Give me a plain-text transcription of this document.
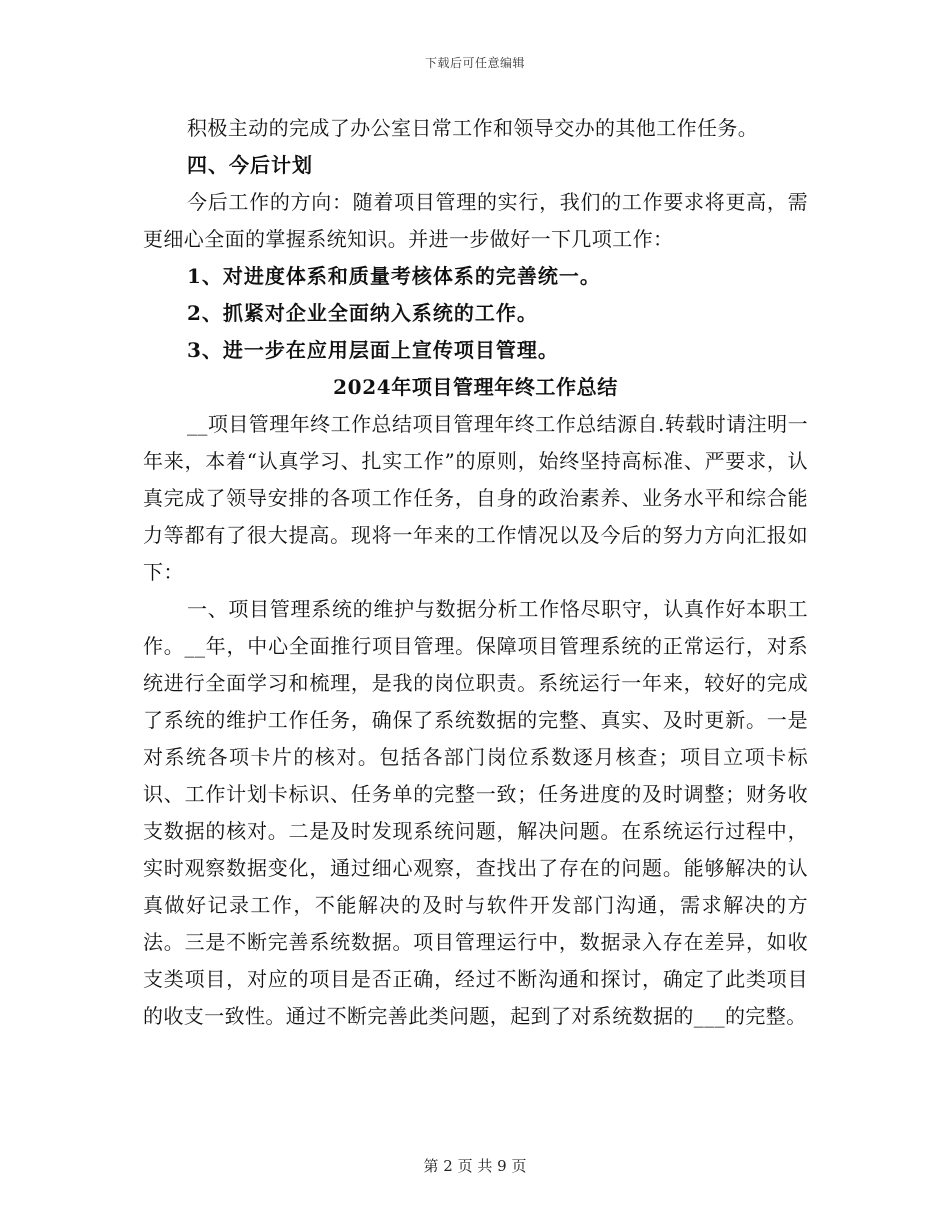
下载后可任意编辑

积极主动的完成了办公室日常工作和领导交办的其他工作任务。

四、今后计划

今后工作的方向：随着项目管理的实行，我们的工作要求将更高，需更细心全面的掌握系统知识。并进一步做好一下几项工作：

1、对进度体系和质量考核体系的完善统一。

2、抓紧对企业全面纳入系统的工作。

3、进一步在应用层面上宣传项目管理。

2024年项目管理年终工作总结

__项目管理年终工作总结项目管理年终工作总结源自.转载时请注明一年来，本着“认真学习、扎实工作”的原则，始终坚持高标准、严要求，认真完成了领导安排的各项工作任务，自身的政治素养、业务水平和综合能力等都有了很大提高。现将一年来的工作情况以及今后的努力方向汇报如下：

一、项目管理系统的维护与数据分析工作恪尽职守，认真作好本职工作。__年，中心全面推行项目管理。保障项目管理系统的正常运行，对系统进行全面学习和梳理，是我的岗位职责。系统运行一年来，较好的完成了系统的维护工作任务，确保了系统数据的完整、真实、及时更新。一是对系统各项卡片的核对。包括各部门岗位系数逐月核查；项目立项卡标识、工作计划卡标识、任务单的完整一致；任务进度的及时调整；财务收支数据的核对。二是及时发现系统问题，解决问题。在系统运行过程中，实时观察数据变化，通过细心观察，查找出了存在的问题。能够解决的认真做好记录工作，不能解决的及时与软件开发部门沟通，需求解决的方法。三是不断完善系统数据。项目管理运行中，数据录入存在差异，如收支类项目，对应的项目是否正确，经过不断沟通和探讨，确定了此类项目的收支一致性。通过不断完善此类问题，起到了对系统数据的___的完整。

第 2 页 共 9 页
